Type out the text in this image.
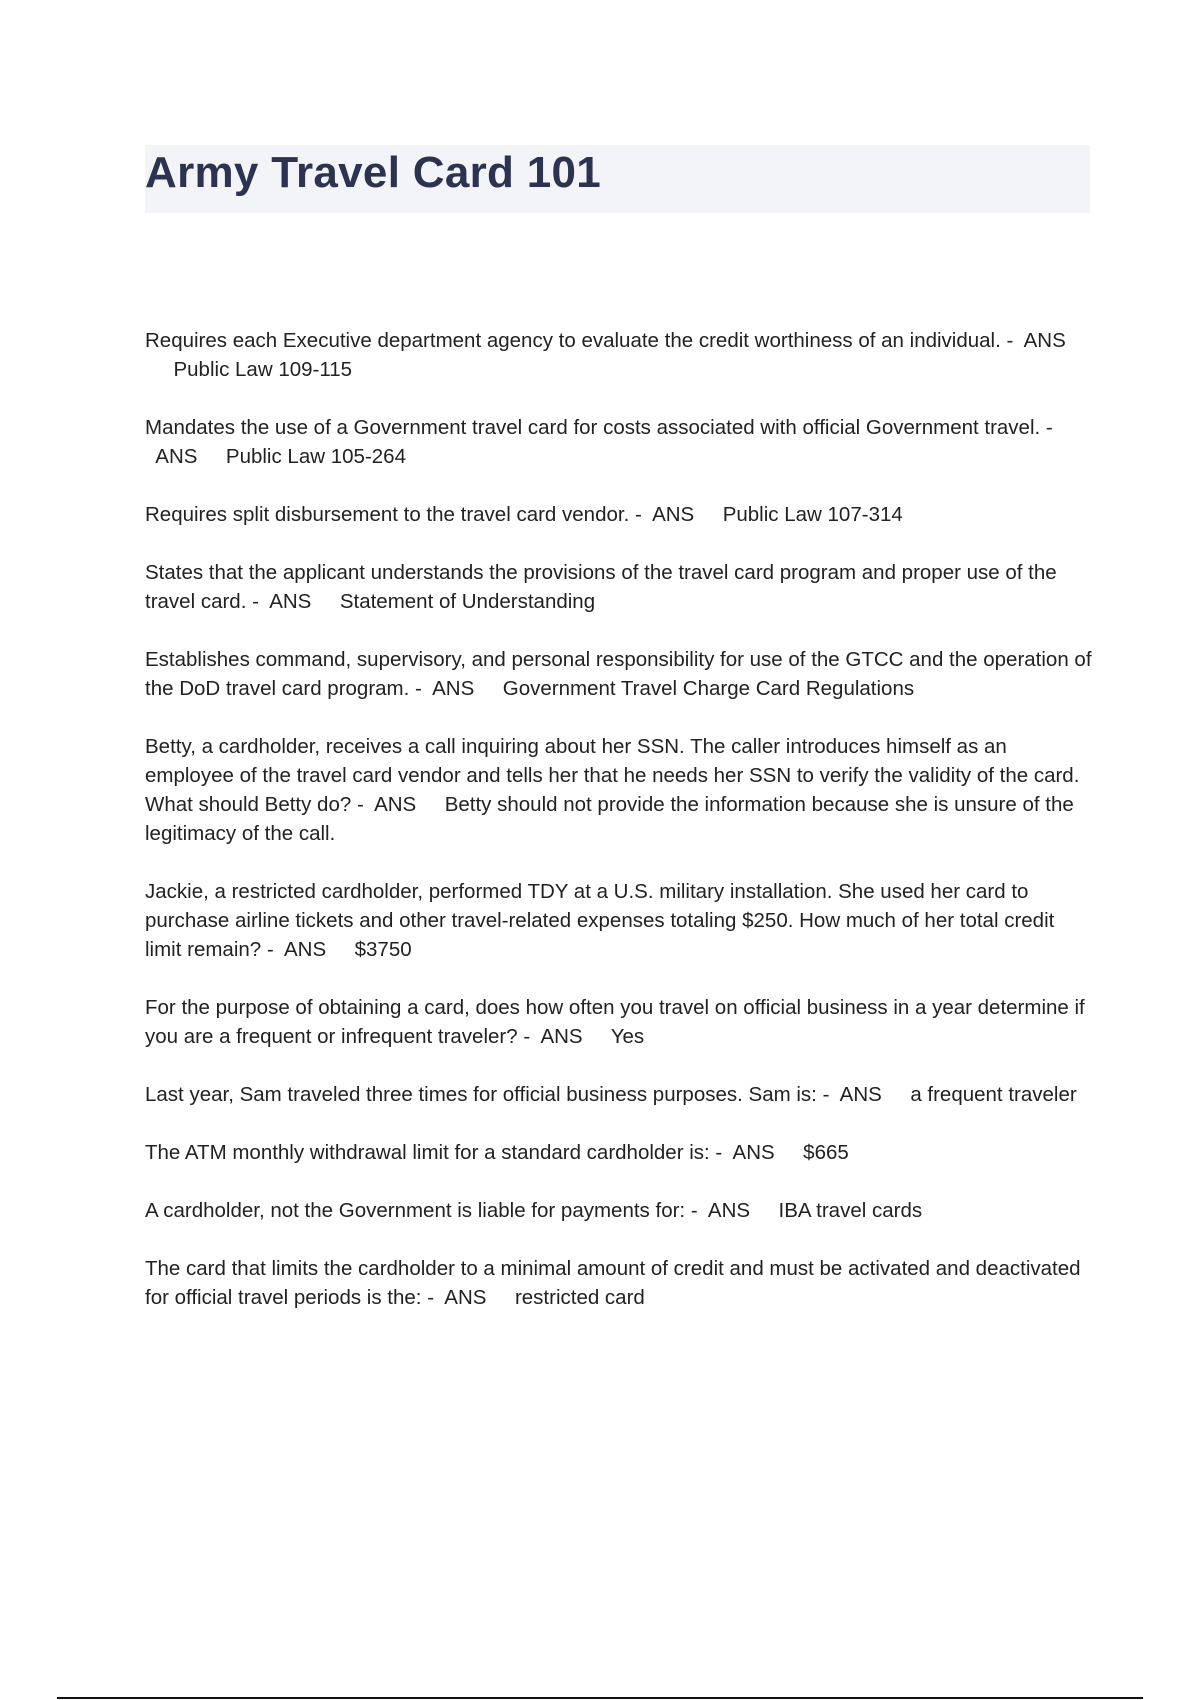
Army Travel Card 101
Requires each Executive department agency to evaluate the credit worthiness of an individual. - ANS     Public Law 109-115
Mandates the use of a Government travel card for costs associated with official Government travel. -  ANS Public Law 105-264
Requires split disbursement to the travel card vendor. - ANS Public Law 107-314
States that the applicant understands the provisions of the travel card program and proper use of the travel card. - ANS Statement of Understanding
Establishes command, supervisory, and personal responsibility for use of the GTCC and the operation of the DoD travel card program. - ANS Government Travel Charge Card Regulations
Betty, a cardholder, receives a call inquiring about her SSN. The caller introduces himself as an employee of the travel card vendor and tells her that he needs her SSN to verify the validity of the card. What should Betty do? - ANS Betty should not provide the information because she is unsure of the legitimacy of the call.
Jackie, a restricted cardholder, performed TDY at a U.S. military installation. She used her card to purchase airline tickets and other travel-related expenses totaling $250. How much of her total credit limit remain? - ANS $3750
For the purpose of obtaining a card, does how often you travel on official business in a year determine if you are a frequent or infrequent traveler? - ANS Yes
Last year, Sam traveled three times for official business purposes. Sam is: - ANS a frequent traveler
The ATM monthly withdrawal limit for a standard cardholder is: - ANS $665
A cardholder, not the Government is liable for payments for: - ANS IBA travel cards
The card that limits the cardholder to a minimal amount of credit and must be activated and deactivated for official travel periods is the: - ANS restricted card
